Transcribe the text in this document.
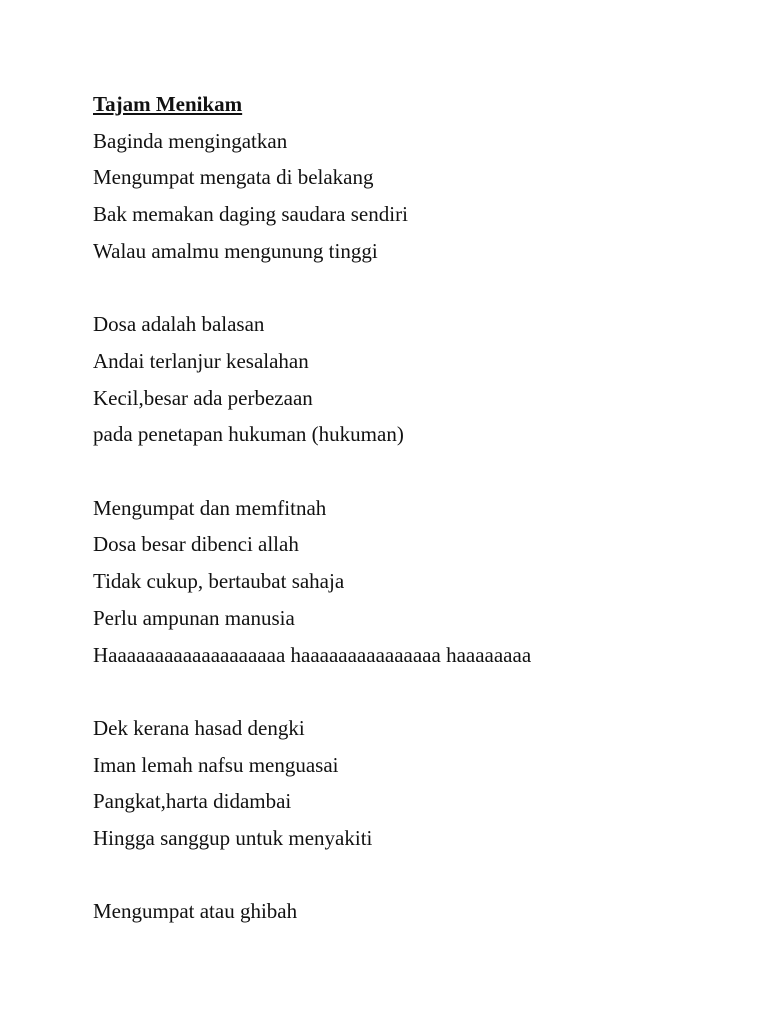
Tajam Menikam
Baginda mengingatkan
Mengumpat mengata di belakang
Bak memakan daging saudara sendiri
Walau amalmu mengunung tinggi
Dosa adalah balasan
Andai terlanjur kesalahan
Kecil,besar ada perbezaan
pada penetapan hukuman (hukuman)
Mengumpat dan memfitnah
Dosa besar dibenci allah
Tidak cukup, bertaubat sahaja
Perlu ampunan manusia
Haaaaaaaaaaaaaaaaaaa haaaaaaaaaaaaaaa haaaaaaaa
Dek kerana hasad dengki
Iman lemah nafsu menguasai
Pangkat,harta didambai
Hingga sanggup untuk menyakiti
Mengumpat atau ghibah
